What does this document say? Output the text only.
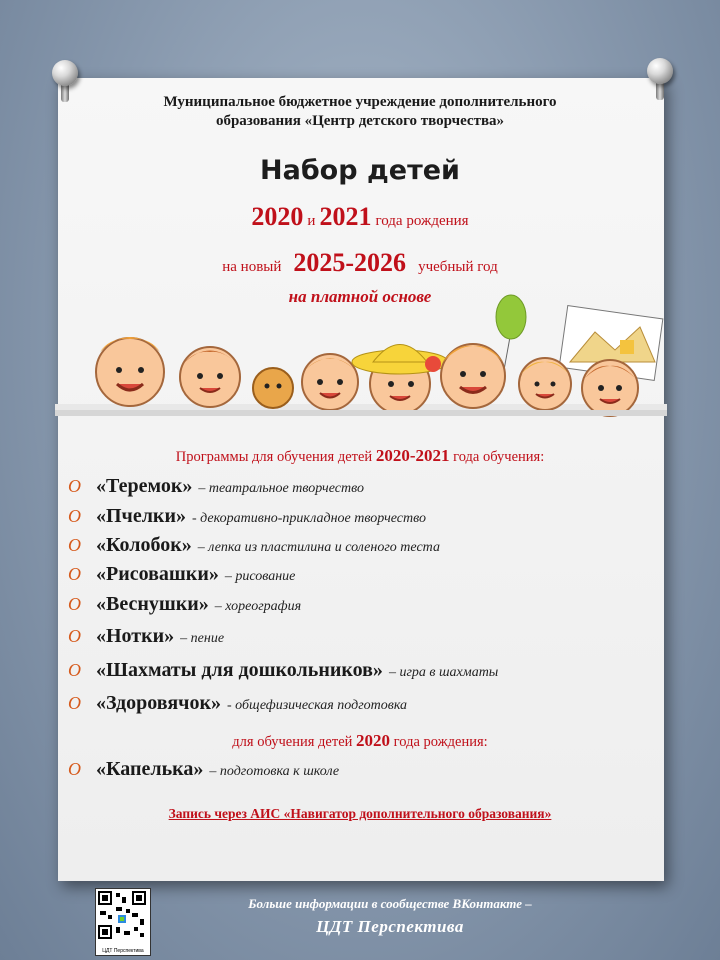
Муниципальное бюджетное учреждение дополнительного
образования «Центр детского творчества»
Набор детей
2020 и 2021 года рождения
на новый 2025-2026 учебный год
на платной основе
Программы для обучения детей 2020-2021 года обучения:
O «Теремок» – театральное творчество
O «Пчелки» - декоративно-прикладное творчество
O «Колобок» – лепка из пластилина и соленого теста
O «Рисовашки» – рисование
O «Веснушки» – хореография
O «Нотки» – пение
O «Шахматы для дошкольников» – игра в шахматы
O «Здоровячок» - общефизическая подготовка
для обучения детей 2020 года рождения:
O «Капелька» – подготовка к школе
Запись через АИС «Навигатор дополнительного образования»
ЦДТ Перспектива
Больше информации в сообществе ВКонтакте –
ЦДТ Перспектива
